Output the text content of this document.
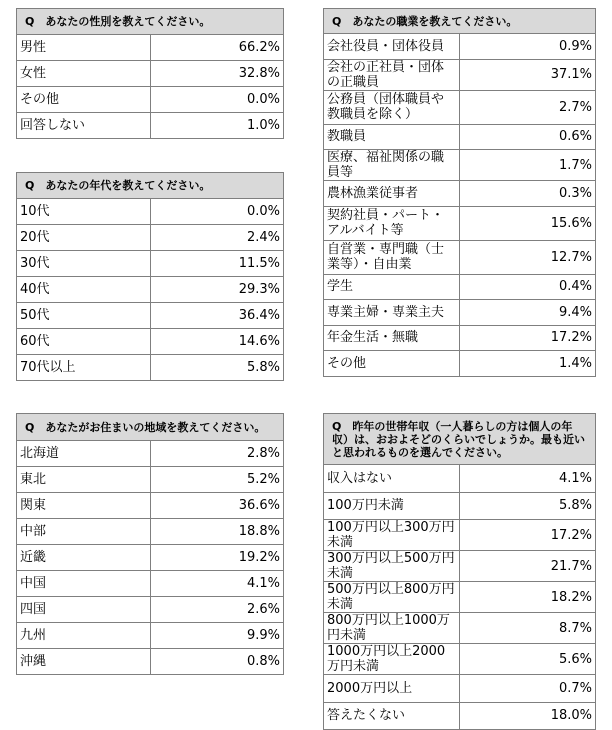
Q　あなたの性別を教えてください。	
男性	66.2%
女性	32.8%
その他	0.0%
回答しない	1.0%
Q　あなたの年代を教えてください。	
10代	0.0%
20代	2.4%
30代	11.5%
40代	29.3%
50代	36.4%
60代	14.6%
70代以上	5.8%
Q　あなたがお住まいの地域を教えてください。	
北海道	2.8%
東北	5.2%
関東	36.6%
中部	18.8%
近畿	19.2%
中国	4.1%
四国	2.6%
九州	9.9%
沖縄	0.8%
Q　あなたの職業を教えてください。	
会社役員・団体役員	0.9%
会社の正社員・団体の正職員	37.1%
公務員（団体職員や教職員を除く）	2.7%
教職員	0.6%
医療、福祉関係の職員等	1.7%
農林漁業従事者	0.3%
契約社員・パート・アルバイト等	15.6%
自営業・専門職（士業等）・自由業	12.7%
学生	0.4%
専業主婦・専業主夫	9.4%
年金生活・無職	17.2%
その他	1.4%
Q　昨年の世帯年収（一人暮らしの方は個人の年収）は、おおよそどのくらいでしょうか。最も近いと思われるものを選んでください。	
収入はない	4.1%
100万円未満	5.8%
100万円以上300万円未満	17.2%
300万円以上500万円未満	21.7%
500万円以上800万円未満	18.2%
800万円以上1000万円未満	8.7%
1000万円以上2000万円未満	5.6%
2000万円以上	0.7%
答えたくない	18.0%
